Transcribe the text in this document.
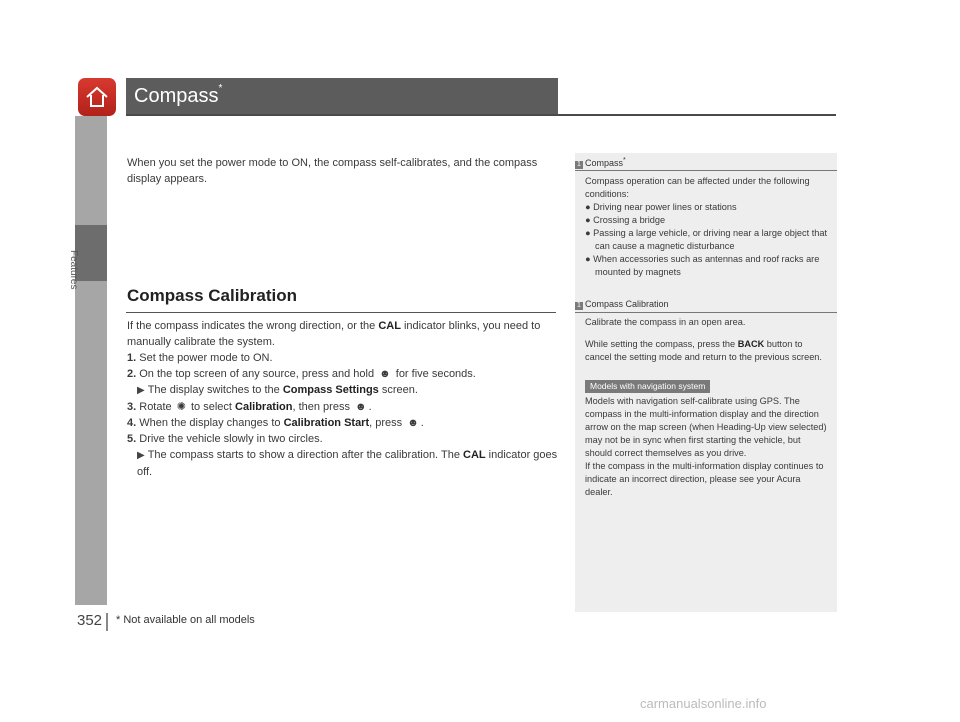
Features
Compass*
When you set the power mode to ON, the compass self-calibrates, and the compass display appears.
Compass Calibration

If the compass indicates the wrong direction, or the CAL indicator blinks, you need to manually calibrate the system.

1. Set the power mode to ON.

2. On the top screen of any source, press and hold ☻ for five seconds.

▶ The display switches to the Compass Settings screen.

3. Rotate ✺ to select Calibration, then press ☻ .

4. When the display changes to Calibration Start, press ☻ .

5. Drive the vehicle slowly in two circles.

▶ The compass starts to show a direction after the calibration. The CAL indicator goes off.

1 Compass*

Compass operation can be affected under the following conditions:

● Driving near power lines or stations

● Crossing a bridge

● Passing a large vehicle, or driving near a large object that can cause a magnetic disturbance

● When accessories such as antennas and roof racks are mounted by magnets

1 Compass Calibration

Calibrate the compass in an open area.

While setting the compass, press the BACK button to cancel the setting mode and return to the previous screen.

Models with navigation system

Models with navigation self-calibrate using GPS. The compass in the multi-information display and the direction arrow on the map screen (when Heading-Up view selected) may not be in sync when first starting the vehicle, but should correct themselves as you drive.

If the compass in the multi-information display continues to indicate an incorrect direction, please see your Acura dealer.

352 * Not available on all models
carmanualsonline.info
